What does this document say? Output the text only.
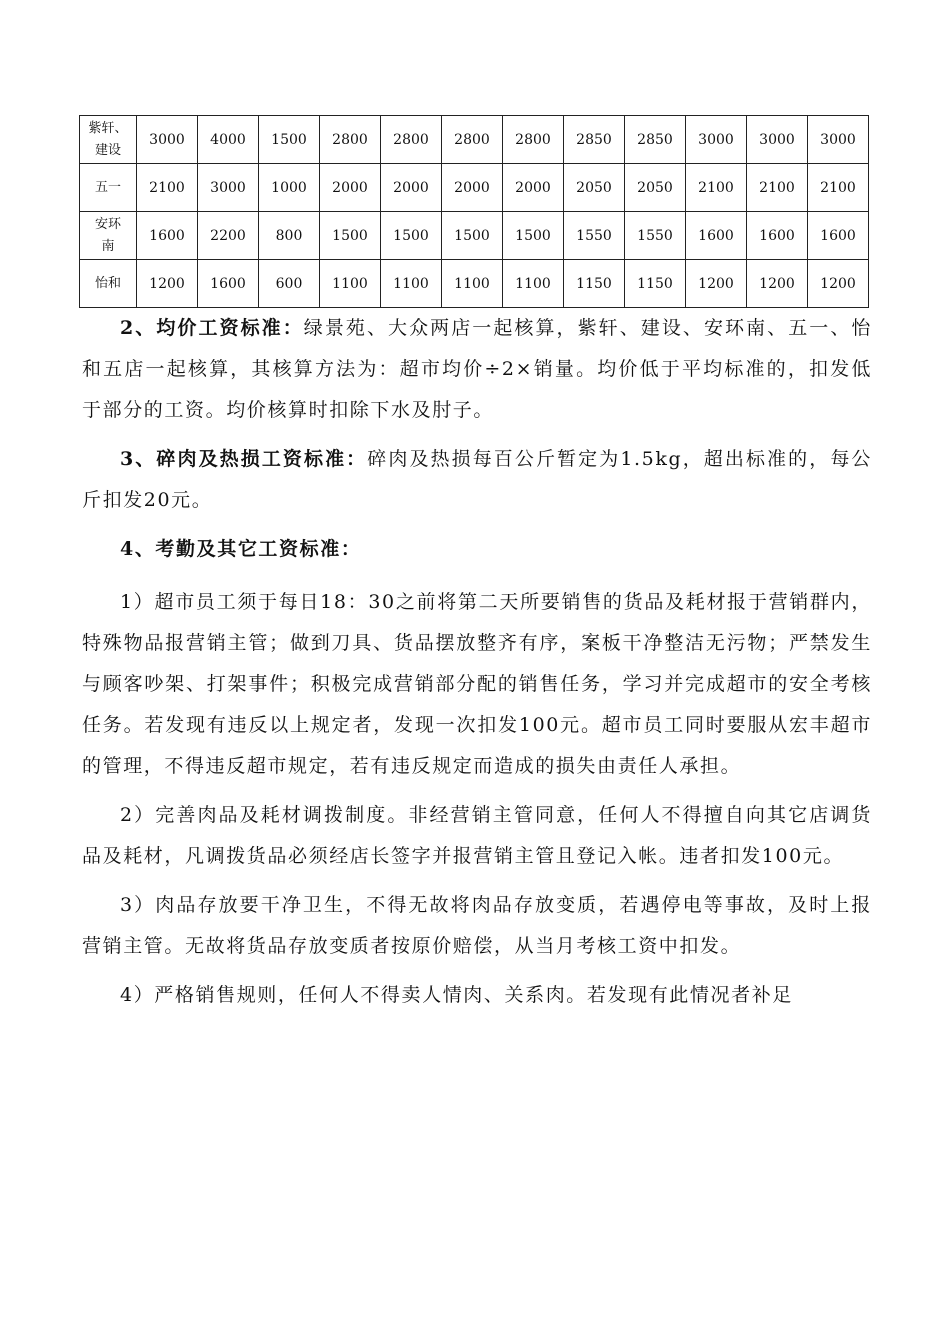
紫轩、
建设	3000	4000	1500	2800	2800	2800	2800	2850	2850	3000	3000	3000

五一	2100	3000	1000	2000	2000	2000	2000	2050	2050	2100	2100	2100

安环
南	1600	2200	800	1500	1500	1500	1500	1550	1550	1600	1600	1600

怡和	1200	1600	600	1100	1100	1100	1100	1150	1150	1200	1200	1200

2、均价工资标准：绿景苑、大众两店一起核算，紫轩、建设、安环南、五一、怡和五店一起核算，其核算方法为：超市均价÷2×销量。均价低于平均标准的，扣发低于部分的工资。均价核算时扣除下水及肘子。

3、碎肉及热损工资标准：碎肉及热损每百公斤暂定为1.5kg，超出标准的，每公斤扣发20元。

4、考勤及其它工资标准：

1）超市员工须于每日18：30之前将第二天所要销售的货品及耗材报于营销群内，特殊物品报营销主管；做到刀具、货品摆放整齐有序，案板干净整洁无污物；严禁发生与顾客吵架、打架事件；积极完成营销部分配的销售任务，学习并完成超市的安全考核任务。若发现有违反以上规定者，发现一次扣发100元。超市员工同时要服从宏丰超市的管理，不得违反超市规定，若有违反规定而造成的损失由责任人承担。

2）完善肉品及耗材调拨制度。非经营销主管同意，任何人不得擅自向其它店调货品及耗材，凡调拨货品必须经店长签字并报营销主管且登记入帐。违者扣发100元。

3）肉品存放要干净卫生，不得无故将肉品存放变质，若遇停电等事故，及时上报营销主管。无故将货品存放变质者按原价赔偿，从当月考核工资中扣发。

4）严格销售规则，任何人不得卖人情肉、关系肉。若发现有此情况者补足
